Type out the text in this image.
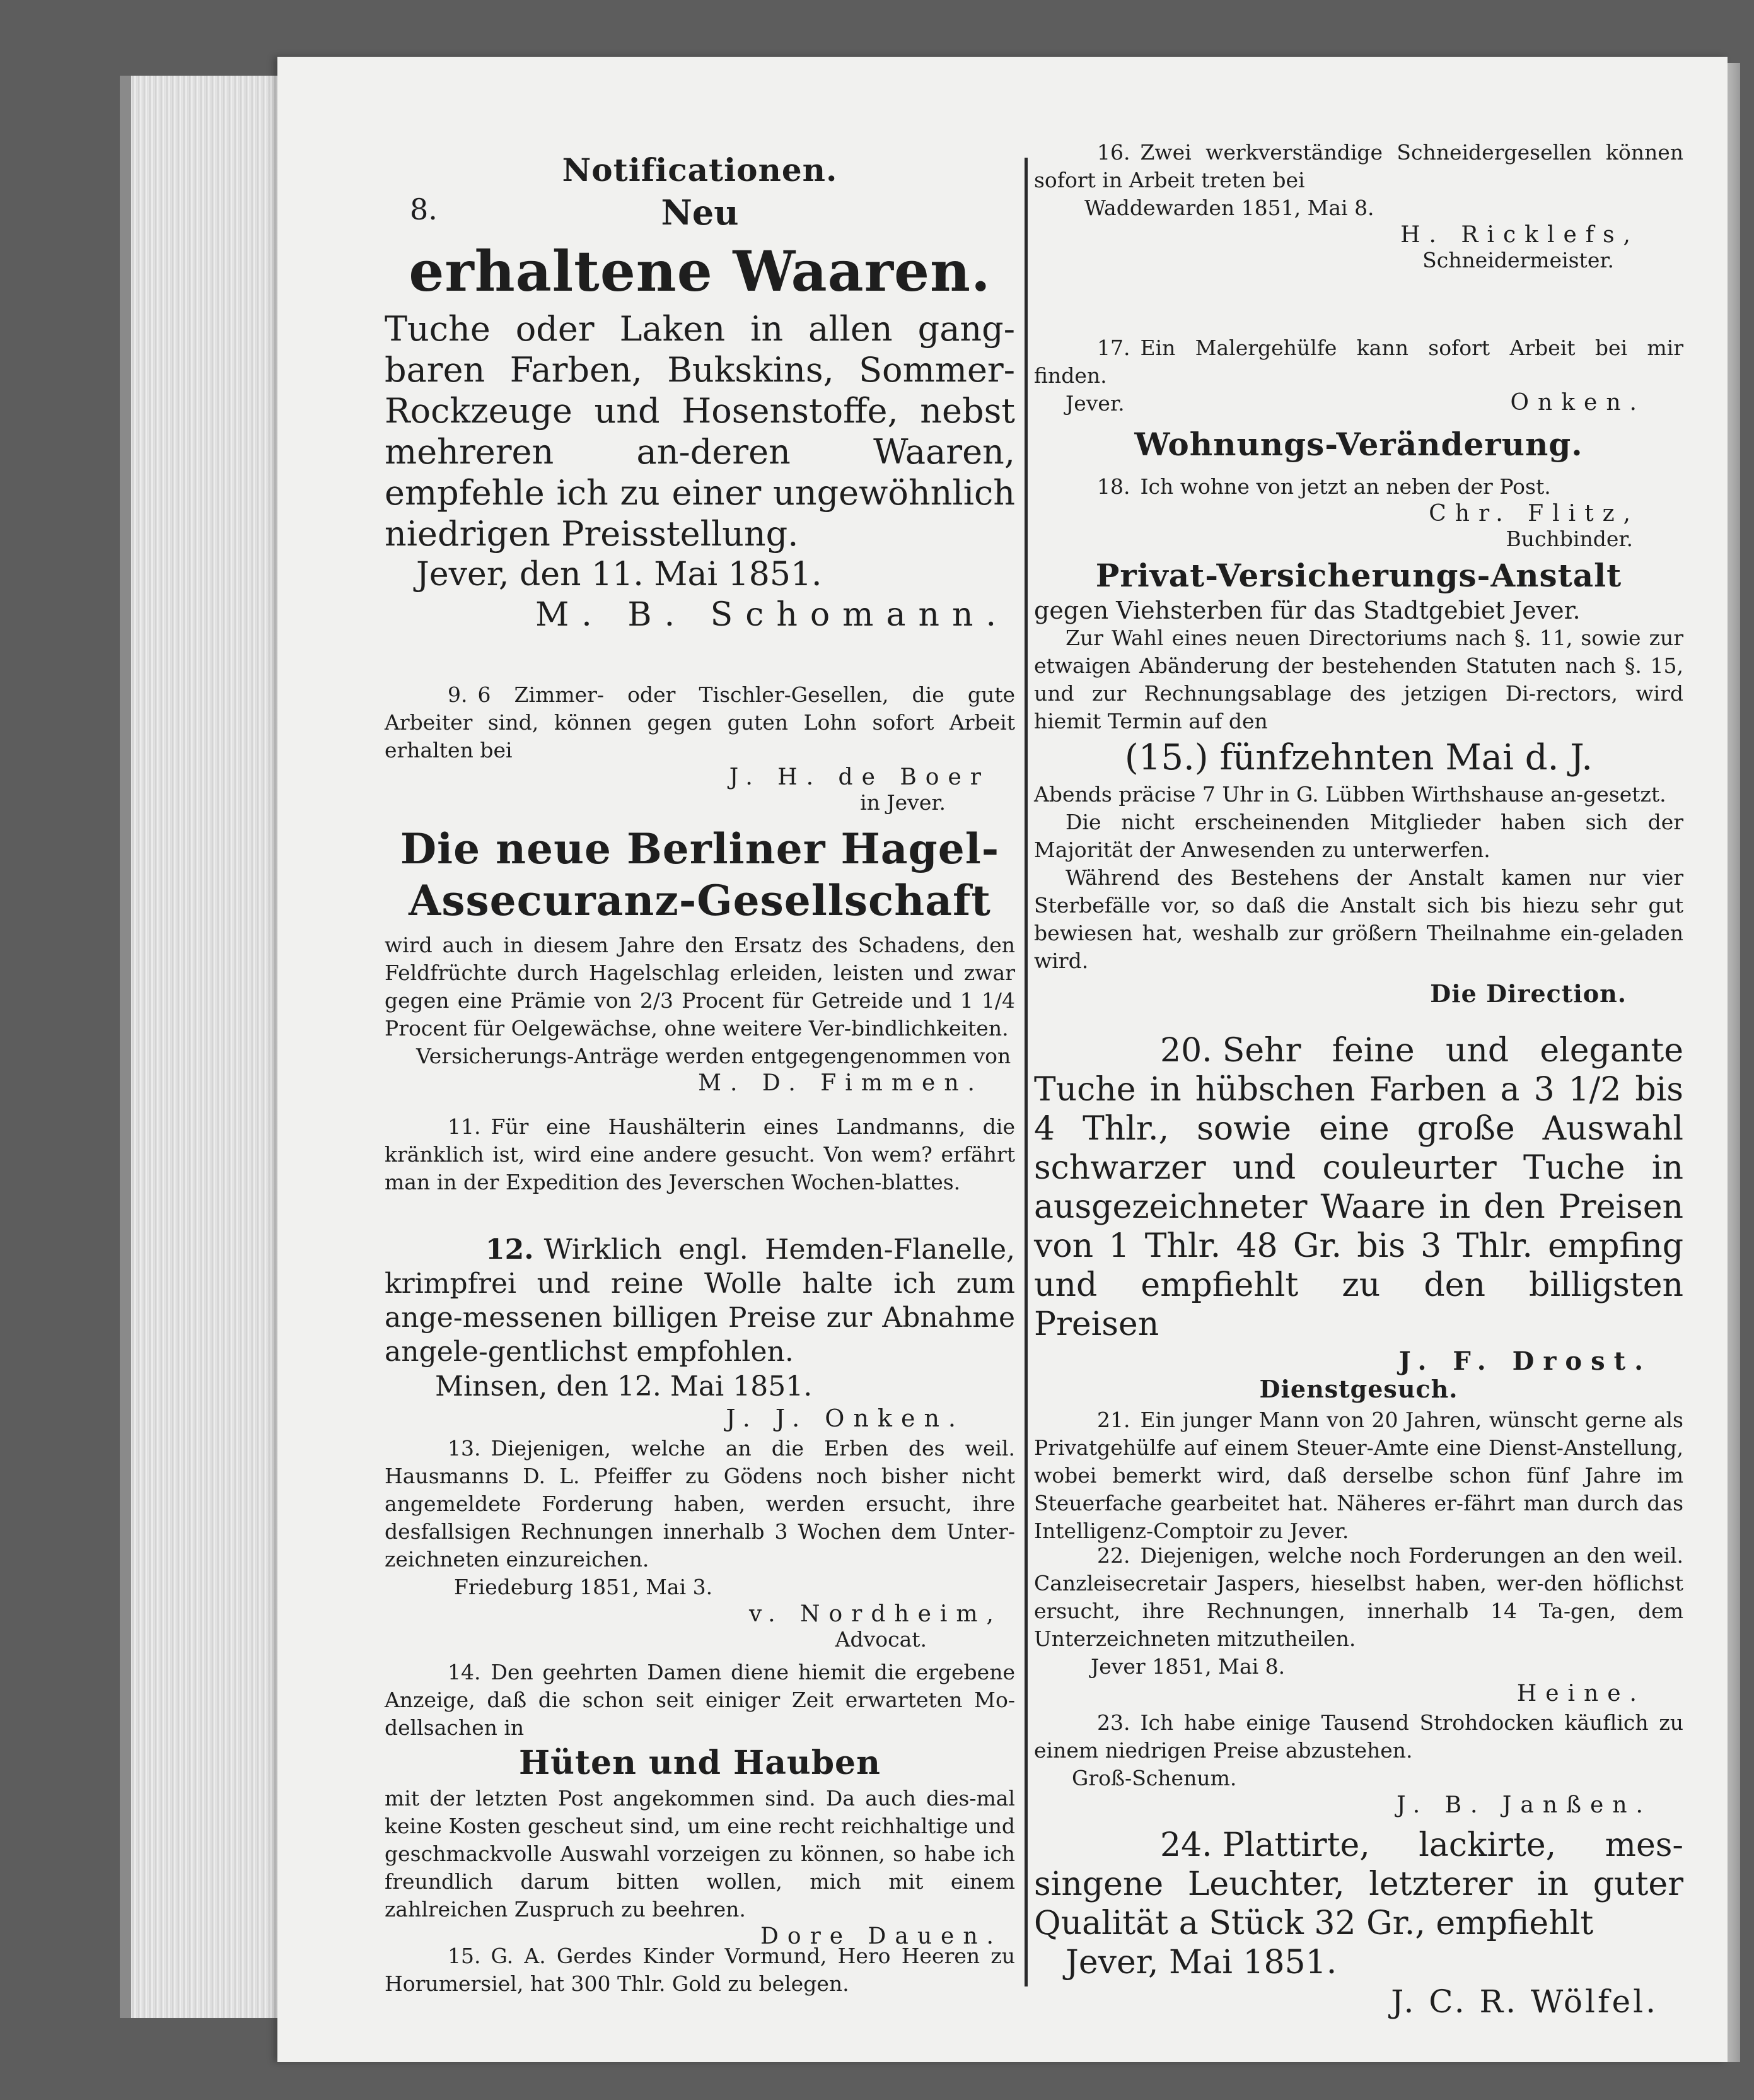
Notificationen.

8.	Neu
erhaltene Waaren.
Tuche oder Laken in allen gang-baren Farben, Bukskins, Sommer-Rockzeuge und Hosenstoffe, nebst mehreren an-deren Waaren, empfehle ich zu einer ungewöhnlich niedrigen Preisstellung.
Jever, den 11. Mai 1851.
M. B. Schomann.
9. 6 Zimmer- oder Tischler-Gesellen, die gute Arbeiter sind, können gegen guten Lohn sofort Arbeit erhalten bei
J. H. de Boer
in Jever.
Die neue Berliner Hagel-
Assecuranz-Gesellschaft
wird auch in diesem Jahre den Ersatz des Schadens, den Feldfrüchte durch Hagelschlag erleiden, leisten und zwar gegen eine Prämie von 2/3 Procent für Getreide und 1 1/4 Procent für Oelgewächse, ohne weitere Ver-bindlichkeiten.
Versicherungs-Anträge werden entgegengenommen von
M. D. Fimmen.
11. Für eine Haushälterin eines Landmanns, die kränklich ist, wird eine andere gesucht. Von wem? erfährt man in der Expedition des Jeverschen Wochen-blattes.
12. Wirklich engl. Hemden-Flanelle, krimpfrei und reine Wolle halte ich zum ange-messenen billigen Preise zur Abnahme angele-gentlichst empfohlen.
Minsen, den 12. Mai 1851.
J. J. Onken.
13. Diejenigen, welche an die Erben des weil. Hausmanns D. L. Pfeiffer zu Gödens noch bisher nicht angemeldete Forderung haben, werden ersucht, ihre desfallsigen Rechnungen innerhalb 3 Wochen dem Unter-zeichneten einzureichen.
Friedeburg 1851, Mai 3.
v. Nordheim,
Advocat.
14. Den geehrten Damen diene hiemit die ergebene Anzeige, daß die schon seit einiger Zeit erwarteten Mo-dellsachen in
Hüten und Hauben
mit der letzten Post angekommen sind. Da auch dies-mal keine Kosten gescheut sind, um eine recht reichhaltige und geschmackvolle Auswahl vorzeigen zu können, so habe ich freundlich darum bitten wollen, mich mit einem zahlreichen Zuspruch zu beehren.
Dore Dauen.
15. G. A. Gerdes Kinder Vormund, Hero Heeren zu Horumersiel, hat 300 Thlr. Gold zu belegen.
16. Zwei werkverständige Schneidergesellen können sofort in Arbeit treten bei
Waddewarden 1851, Mai 8.
H. Ricklefs,
Schneidermeister.
17. Ein Malergehülfe kann sofort Arbeit bei mir finden.
Jever.	Onken.
Wohnungs-Veränderung.
18. Ich wohne von jetzt an neben der Post.
Chr. Flitz,
Buchbinder.
Privat-Versicherungs-Anstalt
gegen Viehsterben für das Stadtgebiet Jever.
Zur Wahl eines neuen Directoriums nach §. 11, sowie zur etwaigen Abänderung der bestehenden Statuten nach §. 15, und zur Rechnungsablage des jetzigen Di-rectors, wird hiemit Termin auf den
(15.) fünfzehnten Mai d. J.
Abends präcise 7 Uhr in G. Lübben Wirthshause an-gesetzt.
Die nicht erscheinenden Mitglieder haben sich der Majorität der Anwesenden zu unterwerfen.
Während des Bestehens der Anstalt kamen nur vier Sterbefälle vor, so daß die Anstalt sich bis hiezu sehr gut bewiesen hat, weshalb zur größern Theilnahme ein-geladen wird.
Die Direction.
20. Sehr feine und elegante Tuche in hübschen Farben a 3 1/2 bis 4 Thlr., sowie eine große Auswahl schwarzer und couleurter Tuche in ausgezeichneter Waare in den Preisen von 1 Thlr. 48 Gr. bis 3 Thlr. empfing und empfiehlt zu den billigsten Preisen
J. F. Drost.
Dienstgesuch.
21. Ein junger Mann von 20 Jahren, wünscht gerne als Privatgehülfe auf einem Steuer-Amte eine Dienst-Anstellung, wobei bemerkt wird, daß derselbe schon fünf Jahre im Steuerfache gearbeitet hat. Näheres er-fährt man durch das Intelligenz-Comptoir zu Jever.
22. Diejenigen, welche noch Forderungen an den weil. Canzleisecretair Jaspers, hieselbst haben, wer-den höflichst ersucht, ihre Rechnungen, innerhalb 14 Ta-gen, dem Unterzeichneten mitzutheilen.
Jever 1851, Mai 8.
Heine.
23. Ich habe einige Tausend Strohdocken käuflich zu einem niedrigen Preise abzustehen.
Groß-Schenum.
J. B. Janßen.
24. Plattirte, lackirte, mes-singene Leuchter, letzterer in guter Qualität a Stück 32 Gr., empfiehlt
Jever, Mai 1851.
J. C. R. Wölfel.
